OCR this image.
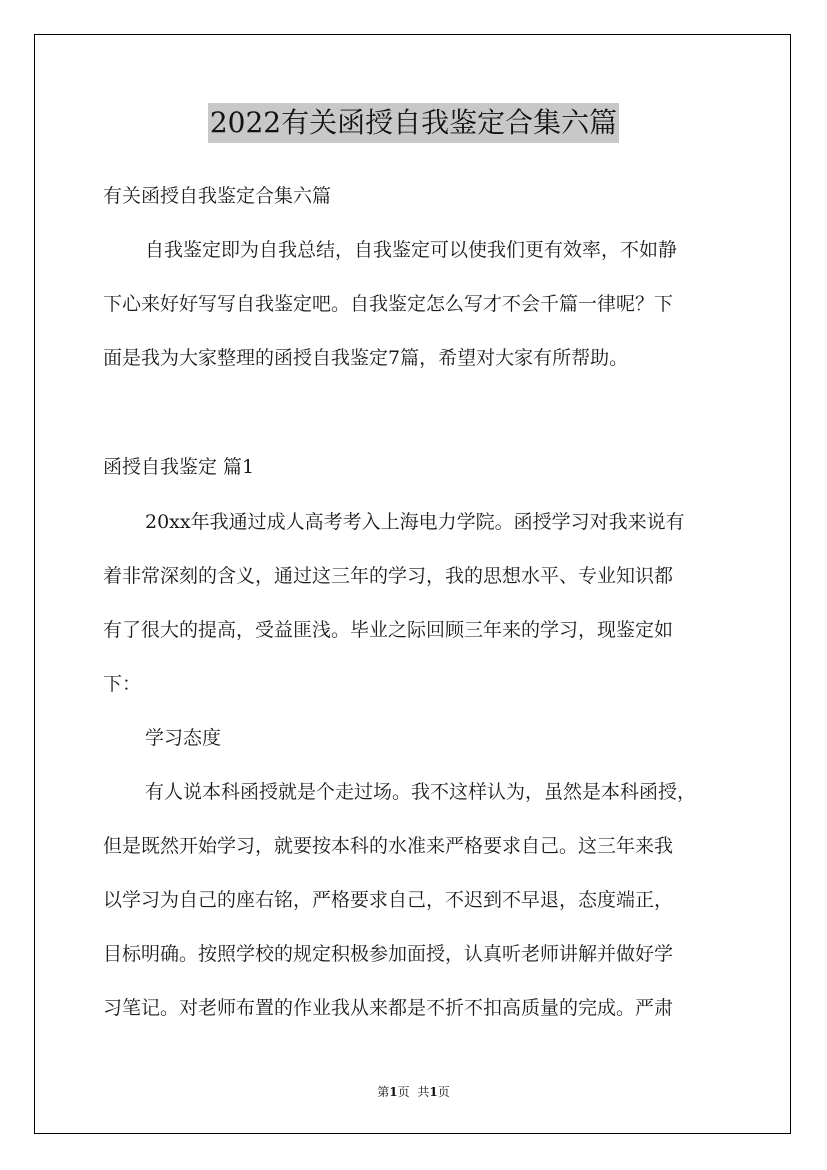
2022有关函授自我鉴定合集六篇
有关函授自我鉴定合集六篇
自我鉴定即为自我总结，自我鉴定可以使我们更有效率，不如静
下心来好好写写自我鉴定吧。自我鉴定怎么写才不会千篇一律呢？下
面是我为大家整理的函授自我鉴定7篇，希望对大家有所帮助。
函授自我鉴定 篇1
20xx年我通过成人高考考入上海电力学院。函授学习对我来说有
着非常深刻的含义，通过这三年的学习，我的思想水平、专业知识都
有了很大的提高，受益匪浅。毕业之际回顾三年来的学习，现鉴定如
下：
学习态度
有人说本科函授就是个走过场。我不这样认为，虽然是本科函授，
但是既然开始学习，就要按本科的水准来严格要求自己。这三年来我
以学习为自己的座右铭，严格要求自己，不迟到不早退，态度端正，
目标明确。按照学校的规定积极参加面授，认真听老师讲解并做好学
习笔记。对老师布置的作业我从来都是不折不扣高质量的完成。严肃
第1页 共1页
